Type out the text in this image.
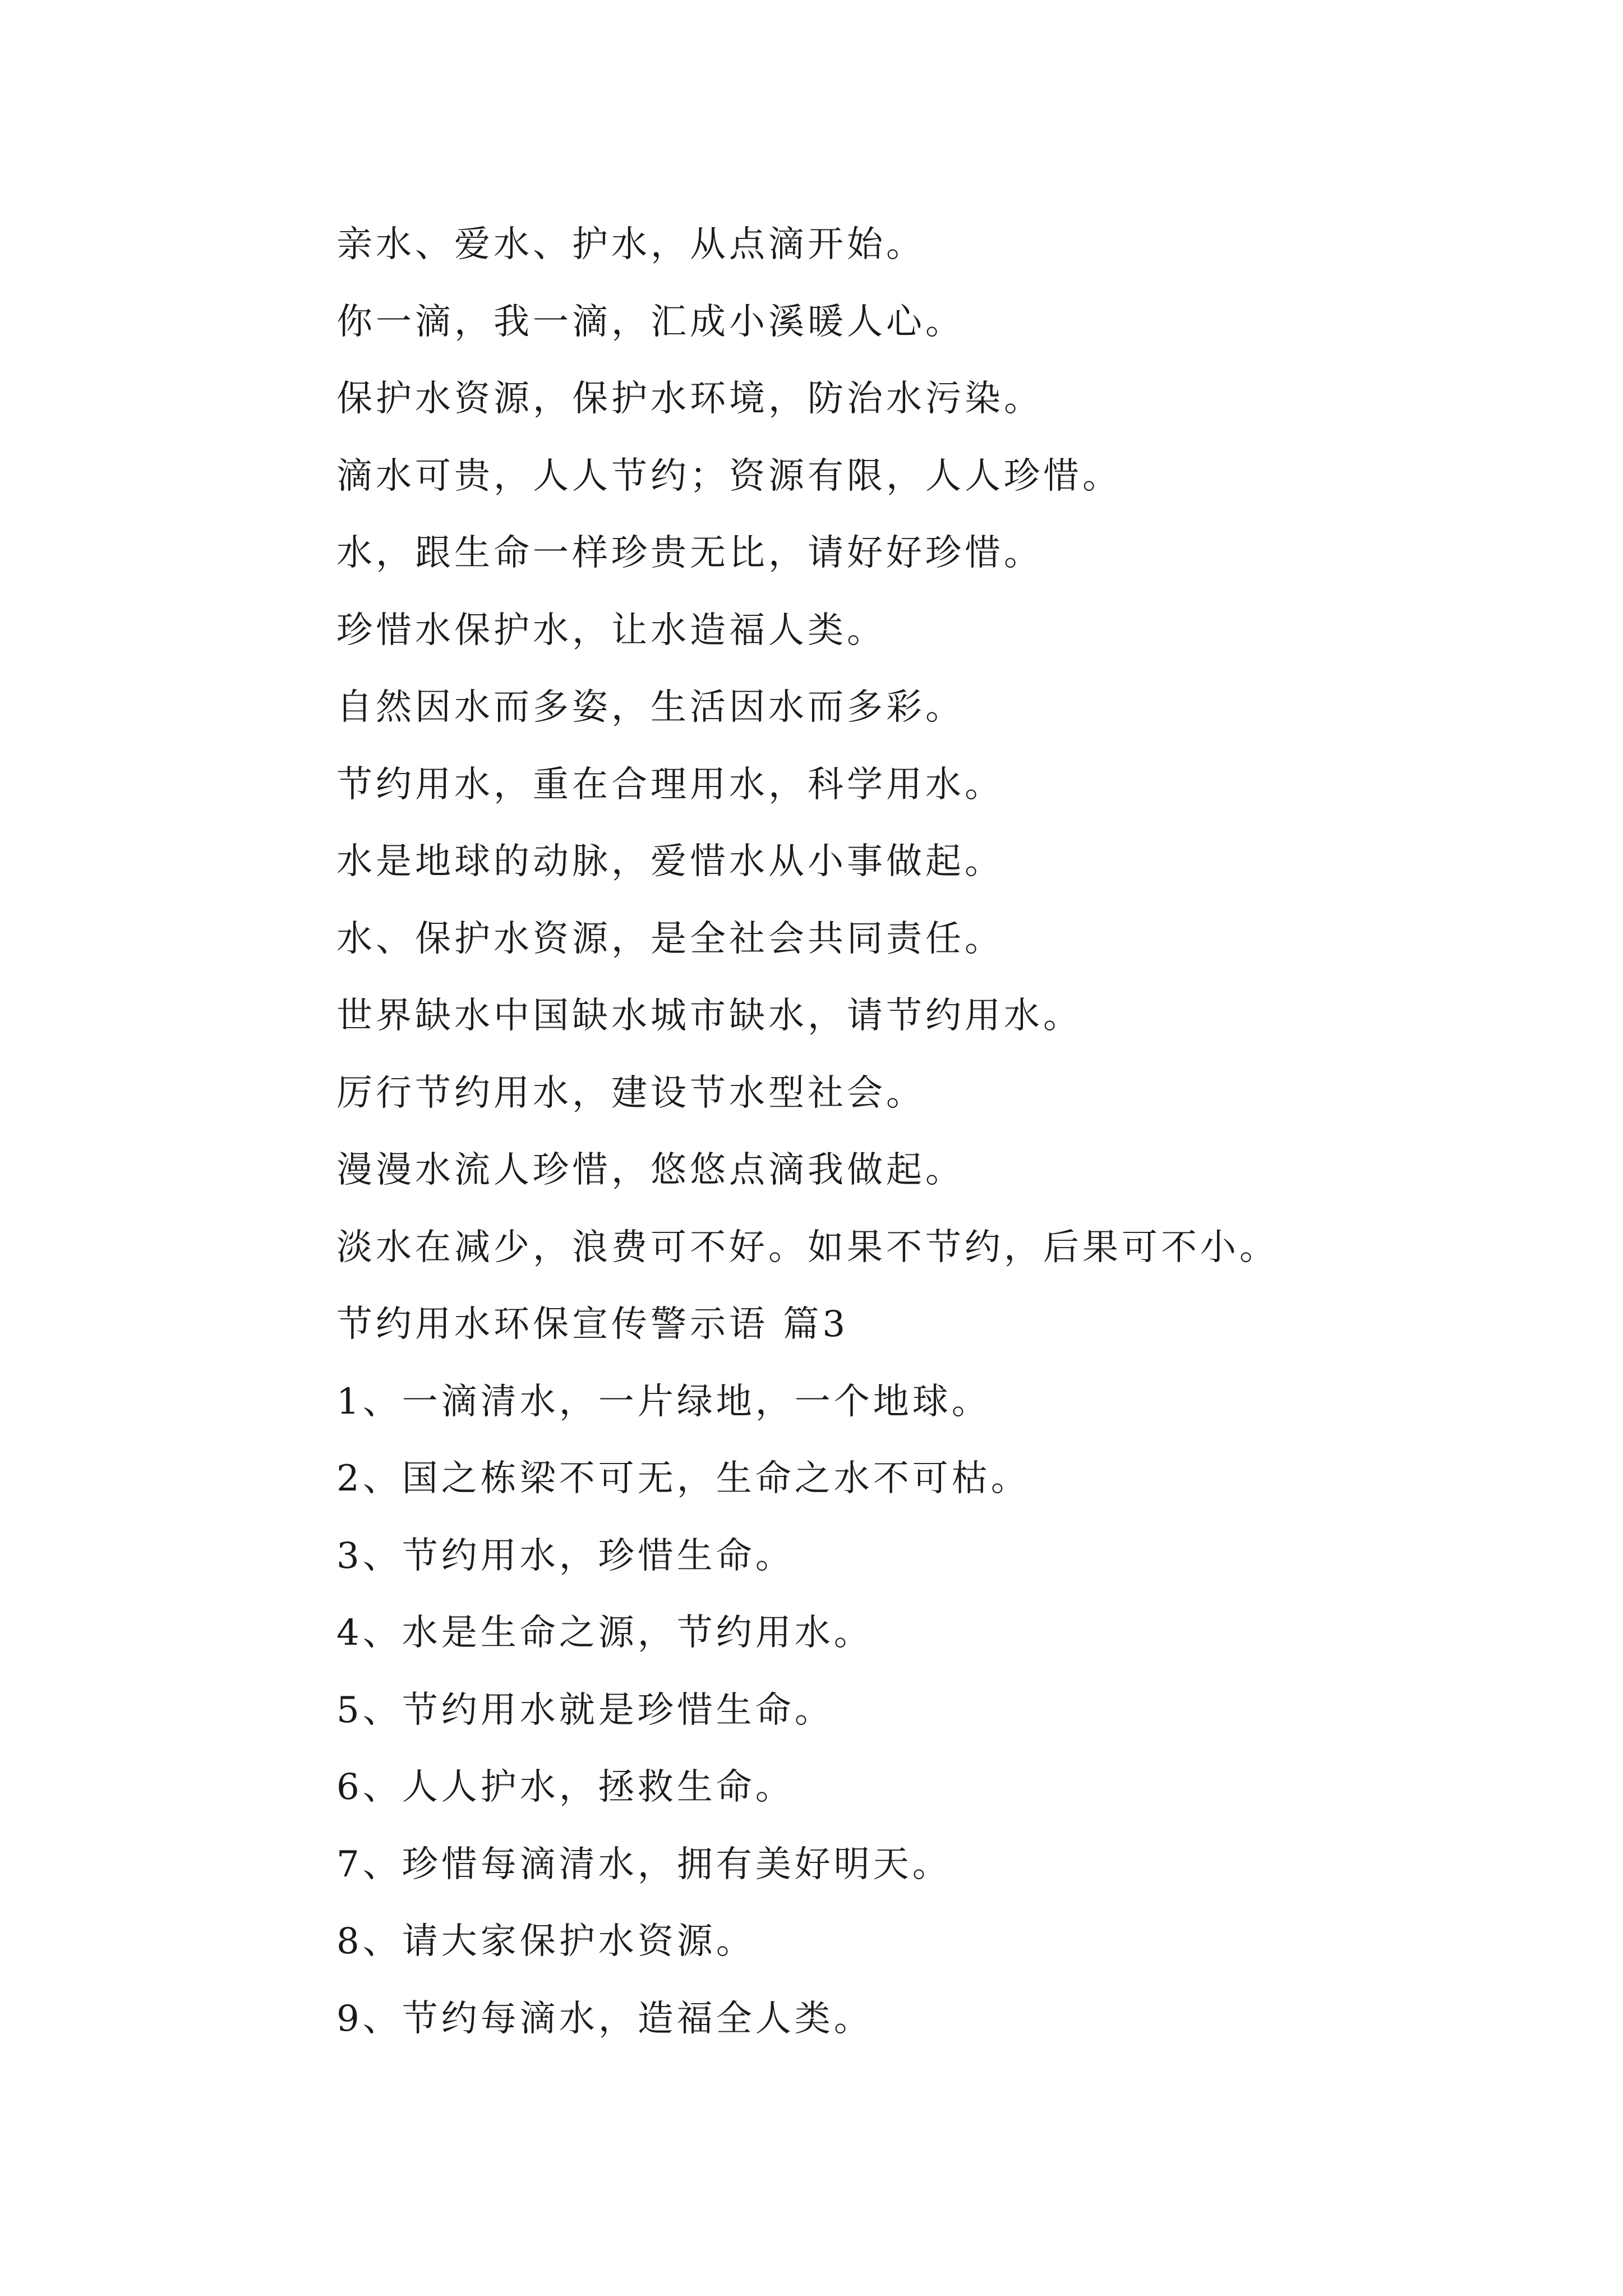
亲水、爱水、护水，从点滴开始。
你一滴，我一滴，汇成小溪暖人心。
保护水资源，保护水环境，防治水污染。
滴水可贵，人人节约；资源有限，人人珍惜。
水，跟生命一样珍贵无比，请好好珍惜。
珍惜水保护水，让水造福人类。
自然因水而多姿，生活因水而多彩。
节约用水，重在合理用水，科学用水。
水是地球的动脉，爱惜水从小事做起。
水、保护水资源，是全社会共同责任。
世界缺水中国缺水城市缺水，请节约用水。
厉行节约用水，建设节水型社会。
漫漫水流人珍惜，悠悠点滴我做起。
淡水在减少，浪费可不好。如果不节约，后果可不小。
节约用水环保宣传警示语 篇3
1、一滴清水，一片绿地，一个地球。
2、国之栋梁不可无，生命之水不可枯。
3、节约用水，珍惜生命。
4、水是生命之源，节约用水。
5、节约用水就是珍惜生命。
6、人人护水，拯救生命。
7、珍惜每滴清水，拥有美好明天。
8、请大家保护水资源。
9、节约每滴水，造福全人类。
